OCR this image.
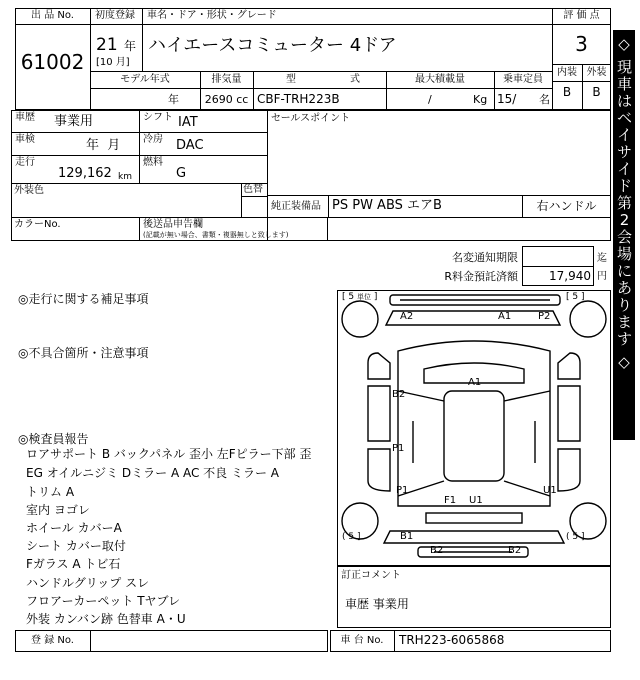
出 品 No.
61002
初度登録
21 年
[10 月]
車名・ドア・形状・グレード
ハイエースコミューター 4ドア
評 価 点
3
内装 外装
B	B
モデル年式
年
排気量
2690 cc
型	式
CBF-TRH223B
最大積載量
/	Kg
乗車定員
15/ 名
車歴 事業用	シフト IAT
車検	年  月 冷房 DAC
走行
129,162 km
燃料
G
外装色	色替
セールスポイント
純正装備品 PS PW ABS エアB	右ハンドル
カラーNo.	後送品申告欄
(記載が無い場合、書類・複器無しと致します)
名変通知期限	迄
R料金預託済額	17,940 円
◎走行に関する補足事項
◎不具合箇所・注意事項
◎検査員報告
ロアサポート B バックパネル 歪小 左Fピラー下部 歪
EG オイルニジミ Dミラー A AC 不良 ミラー A
トリム A
室内 ヨゴレ
ホイール カバーA
シート カバー取付
Fガラス A トビ石
ハンドルグリップ スレ
フロアーカーペット Tヤブレ
外装 カンバン跡 色替車 A・U
[ 5 単位 ]	[ 5 ]
( 5 ]	( 5 ]
A2	A1	P2
A1
B2
P1
P1
F1 U1
U1
B1
B2	B2
訂正コメント
車歴 事業用
登 録 No.	車 台 No.	TRH223-6065868
◇
現車はベイサイド第2会場にあります
◇
